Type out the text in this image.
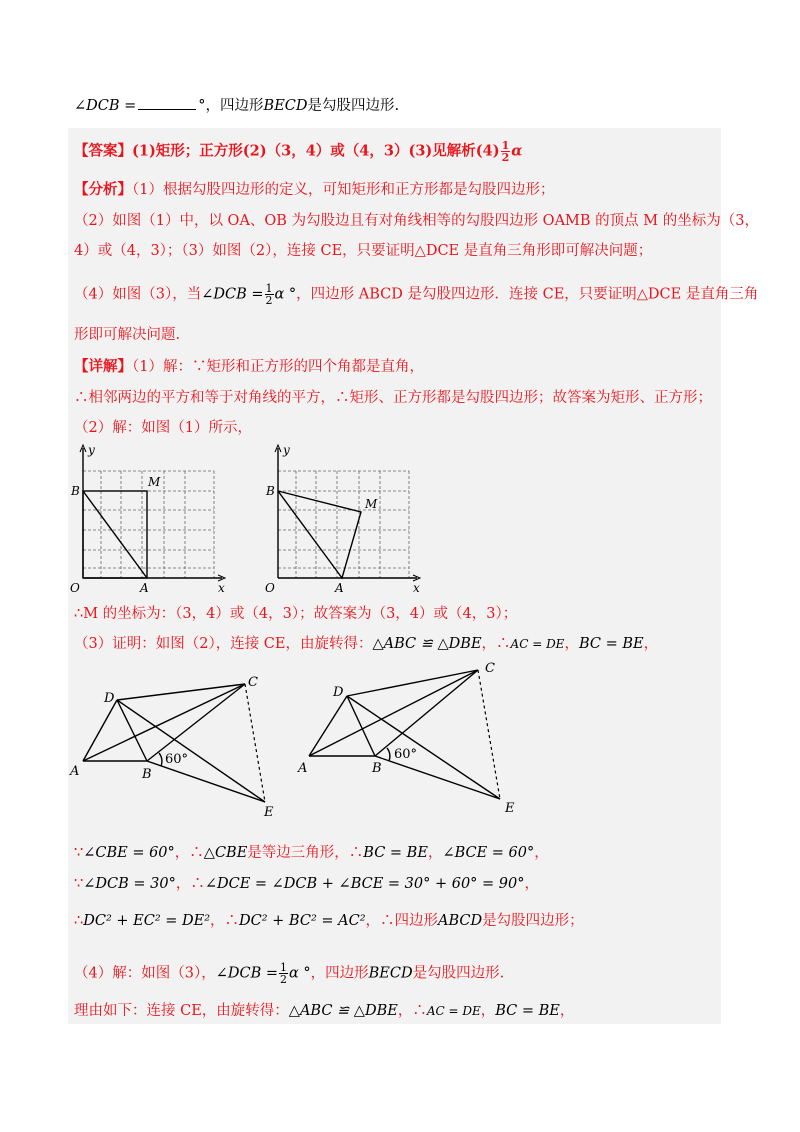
∠DCB =	°，四边形BECD是勾股四边形.
【答案】(1)矩形；正方形(2)（3，4）或（4，3）(3)见解析$(4) \frac{1}{2}$ α
【分析】（1）根据勾股四边形的定义，可知矩形和正方形都是勾股四边形；
（2）如图（1）中，以 OA、OB 为勾股边且有对角线相等的勾股四边形 OAMB 的顶点 M 的坐标为（3，
4）或（4，3）；（3）如图（2），连接 CE，只要证明△DCE 是直角三角形即可解决问题；
（4）如图（3），当∠DCB = $\frac{1}{2}$ α °，四边形 ABCD 是勾股四边形．连接 CE，只要证明△DCE 是直角三角
形即可解决问题.
【详解】（1）解：∵矩形和正方形的四个角都是直角，
∴相邻两边的平方和等于对角线的平方，∴矩形、正方形都是勾股四边形；故答案为矩形、正方形；
（2）解：如图（1）所示，
y
x
O	A
B
M
y
x
O	A
B
M
∴M 的坐标为：（3，4）或（4，3）；故答案为（3，4）或（4，3）；
（3）证明：如图（2），连接 CE，由旋转得：△ABC ≌ △DBE，∴AC = DE，BC = BE，
D
C
A	B
E
60°
D
C
A	B
E
60°
∵∠CBE = 60°，∴△CBE是等边三角形，∴BC = BE，∠BCE = 60°，
∵∠DCB = 30°，∴∠DCE = ∠DCB + ∠BCE = 30° + 60° = 90°，
∴DC² + EC² = DE²，∴DC² + BC² = AC²，∴四边形ABCD是勾股四边形；
（4）解：如图（3），∠DCB = $\frac{1}{2}$ α °，四边形BECD是勾股四边形.
理由如下：连接 CE，由旋转得：△ABC ≌ △DBE，∴AC = DE，BC = BE，
